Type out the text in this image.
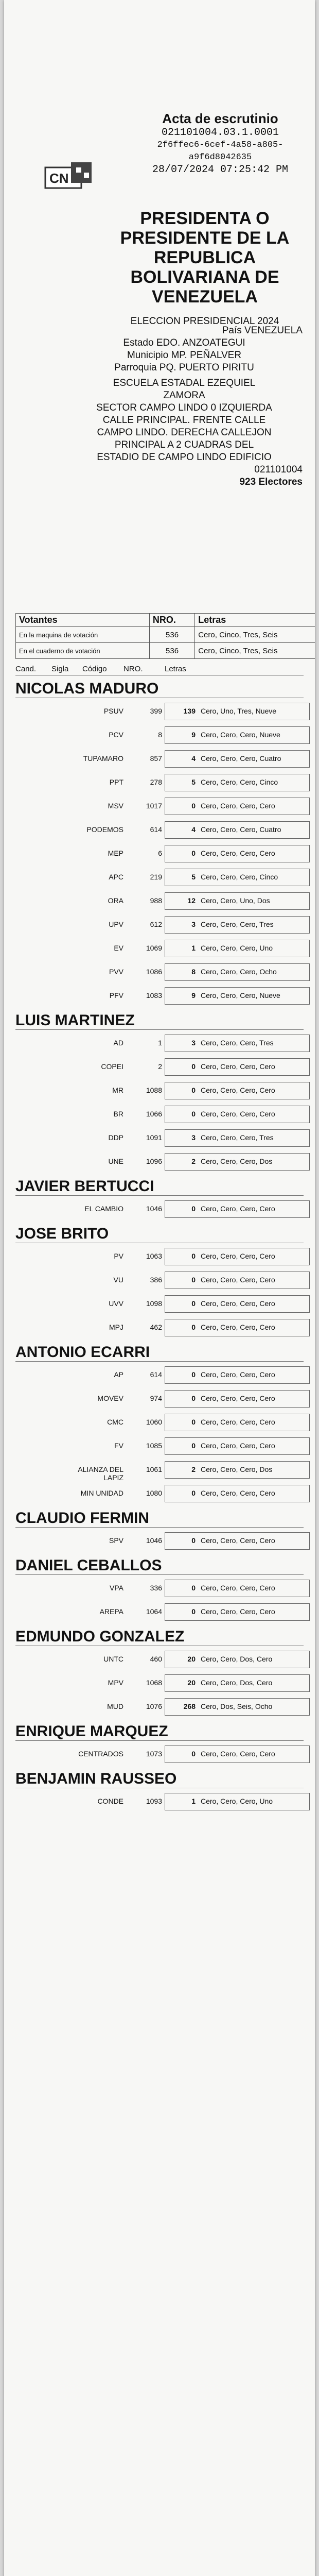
CN
Acta de escrutinio
021101004.03.1.0001
2f6ffec6-6cef-4a58-a805-a9f6d8042635
28/07/2024 07:25:42 PM
PRESIDENTA O
PRESIDENTE DE LA
REPUBLICA
BOLIVARIANA DE
VENEZUELA
ELECCION PRESIDENCIAL 2024
País VENEZUELA
Estado EDO. ANZOATEGUI
Municipio MP. PEÑALVER
Parroquia PQ. PUERTO PIRITU
ESCUELA ESTADAL EZEQUIEL
ZAMORA
SECTOR CAMPO LINDO 0 IZQUIERDA
CALLE PRINCIPAL. FRENTE CALLE
CAMPO LINDO. DERECHA CALLEJON
PRINCIPAL A 2 CUADRAS DEL
ESTADIO DE CAMPO LINDO EDIFICIO
021101004
923 Electores
Votantes	NRO.	Letras
En la maquina de votación	536	Cero, Cinco, Tres, Seis
En el cuaderno de votación	536	Cero, Cinco, Tres, Seis
Cand.	Sigla	Código	NRO.	Letras
NICOLAS MADURO
PSUV	399	139 Cero, Uno, Tres, Nueve
PCV	8	9 Cero, Cero, Cero, Nueve
TUPAMARO	857	4 Cero, Cero, Cero, Cuatro
PPT	278	5 Cero, Cero, Cero, Cinco
MSV	1017	0 Cero, Cero, Cero, Cero
PODEMOS	614	4 Cero, Cero, Cero, Cuatro
MEP	6	0 Cero, Cero, Cero, Cero
APC	219	5 Cero, Cero, Cero, Cinco
ORA	988	12 Cero, Cero, Uno, Dos
UPV	612	3 Cero, Cero, Cero, Tres
EV	1069	1 Cero, Cero, Cero, Uno
PVV	1086	8 Cero, Cero, Cero, Ocho
PFV	1083	9 Cero, Cero, Cero, Nueve
LUIS MARTINEZ
AD	1	3 Cero, Cero, Cero, Tres
COPEI	2	0 Cero, Cero, Cero, Cero
MR	1088	0 Cero, Cero, Cero, Cero
BR	1066	0 Cero, Cero, Cero, Cero
DDP	1091	3 Cero, Cero, Cero, Tres
UNE	1096	2 Cero, Cero, Cero, Dos
JAVIER BERTUCCI
EL CAMBIO	1046	0 Cero, Cero, Cero, Cero
JOSE BRITO
PV	1063	0 Cero, Cero, Cero, Cero
VU	386	0 Cero, Cero, Cero, Cero
UVV	1098	0 Cero, Cero, Cero, Cero
MPJ	462	0 Cero, Cero, Cero, Cero
ANTONIO ECARRI
AP	614	0 Cero, Cero, Cero, Cero
MOVEV	974	0 Cero, Cero, Cero, Cero
CMC	1060	0 Cero, Cero, Cero, Cero
FV	1085	0 Cero, Cero, Cero, Cero
ALIANZA DEL LAPIZ
1061	2 Cero, Cero, Cero, Dos
MIN UNIDAD	1080	0 Cero, Cero, Cero, Cero
CLAUDIO FERMIN
SPV	1046	0 Cero, Cero, Cero, Cero
DANIEL CEBALLOS
VPA	336	0 Cero, Cero, Cero, Cero
AREPA	1064	0 Cero, Cero, Cero, Cero
EDMUNDO GONZALEZ
UNTC	460	20 Cero, Cero, Dos, Cero
MPV	1068	20 Cero, Cero, Dos, Cero
MUD	1076	268 Cero, Dos, Seis, Ocho
ENRIQUE MARQUEZ
CENTRADOS	1073	0 Cero, Cero, Cero, Cero
BENJAMIN RAUSSEO
CONDE	1093	1 Cero, Cero, Cero, Uno
